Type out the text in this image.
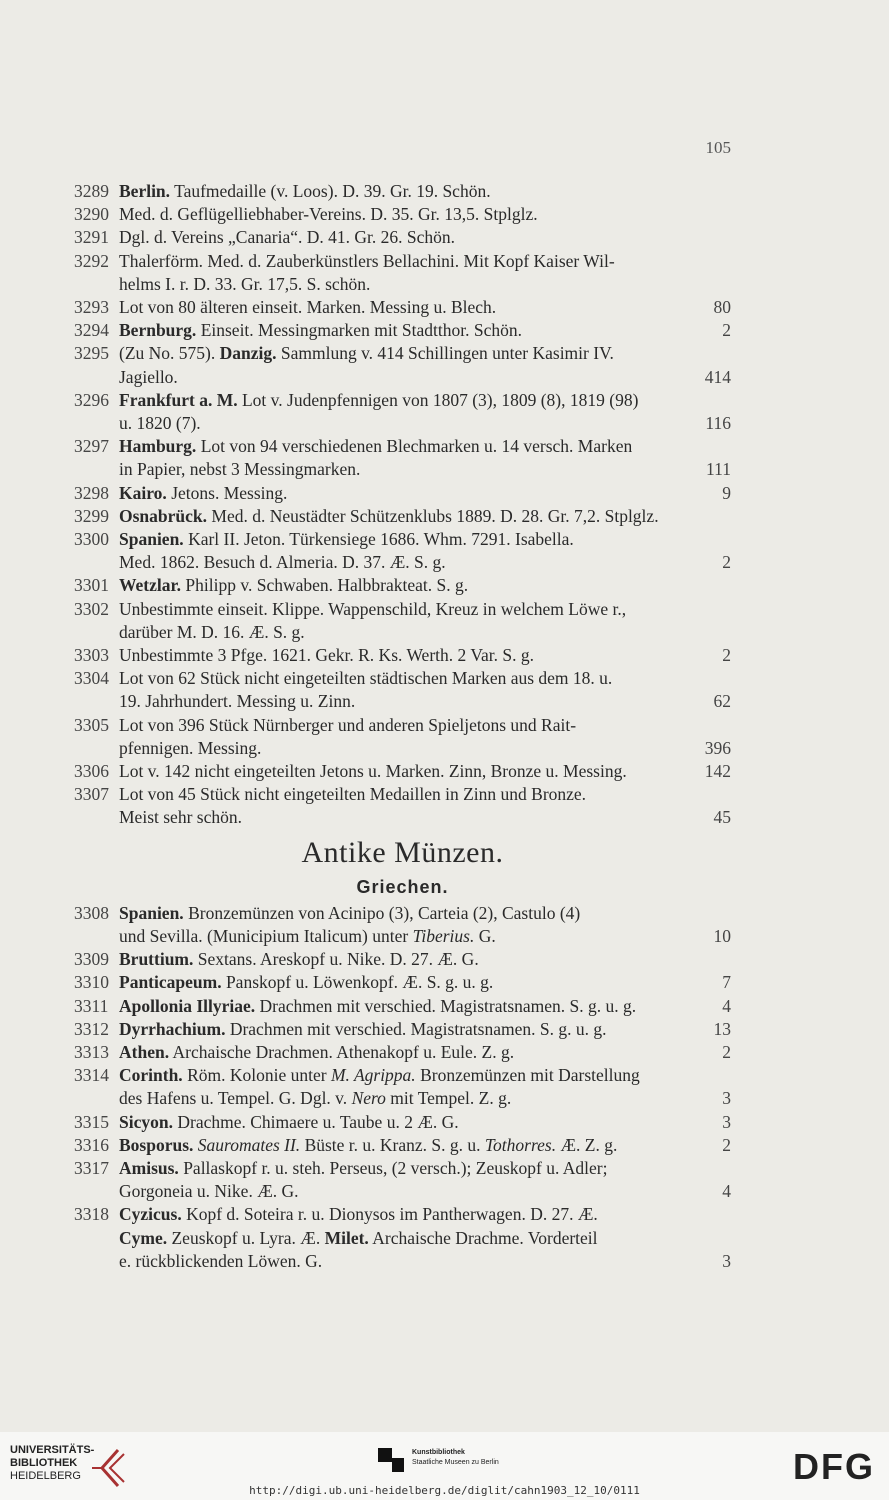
105
3289 Berlin. Taufmedaille (v. Loos). D. 39. Gr. 19. Schön.
3290 Med. d. Geflügelliebhaber-Vereins. D. 35. Gr. 13,5. Stplglz.
3291 Dgl. d. Vereins „Canaria“. D. 41. Gr. 26. Schön.
3292 Thalerförm. Med. d. Zauberkünstlers Bellachini. Mit Kopf Kaiser Wil-
helms I. r. D. 33. Gr. 17,5. S. schön.
3293 Lot von 80 älteren einseit. Marken. Messing u. Blech.	80
3294 Bernburg. Einseit. Messingmarken mit Stadtthor. Schön.	2
3295 (Zu No. 575). Danzig. Sammlung v. 414 Schillingen unter Kasimir IV.
Jagiello.	414
3296 Frankfurt a. M. Lot v. Judenpfennigen von 1807 (3), 1809 (8), 1819 (98)
u. 1820 (7).	116
3297 Hamburg. Lot von 94 verschiedenen Blechmarken u. 14 versch. Marken
in Papier, nebst 3 Messingmarken.	111
3298 Kairo. Jetons. Messing.	9
3299 Osnabrück. Med. d. Neustädter Schützenklubs 1889. D. 28. Gr. 7,2. Stplglz.
3300 Spanien. Karl II. Jeton. Türkensiege 1686. Whm. 7291. Isabella.
Med. 1862. Besuch d. Almeria. D. 37. Æ. S. g.	2
3301 Wetzlar. Philipp v. Schwaben. Halbbrakteat. S. g.
3302 Unbestimmte einseit. Klippe. Wappenschild, Kreuz in welchem Löwe r.,
darüber M. D. 16. Æ. S. g.
3303 Unbestimmte 3 Pfge. 1621. Gekr. R. Ks. Werth. 2 Var. S. g.	2
3304 Lot von 62 Stück nicht eingeteilten städtischen Marken aus dem 18. u.
19. Jahrhundert. Messing u. Zinn.	62
3305 Lot von 396 Stück Nürnberger und anderen Spieljetons und Rait-
pfennigen. Messing.	396
3306 Lot v. 142 nicht eingeteilten Jetons u. Marken. Zinn, Bronze u. Messing.	142
3307 Lot von 45 Stück nicht eingeteilten Medaillen in Zinn und Bronze.
Meist sehr schön.	45
Antike Münzen.
Griechen.
3308 Spanien. Bronzemünzen von Acinipo (3), Carteia (2), Castulo (4)
und Sevilla. (Municipium Italicum) unter Tiberius. G.	10
3309 Bruttium. Sextans. Areskopf u. Nike. D. 27. Æ. G.
3310 Panticapeum. Panskopf u. Löwenkopf. Æ. S. g. u. g.	7
3311 Apollonia Illyriae. Drachmen mit verschied. Magistratsnamen. S. g. u. g.	4
3312 Dyrrhachium. Drachmen mit verschied. Magistratsnamen. S. g. u. g.	13
3313 Athen. Archaische Drachmen. Athenakopf u. Eule. Z. g.	2
3314 Corinth. Röm. Kolonie unter M. Agrippa. Bronzemünzen mit Darstellung
des Hafens u. Tempel. G. Dgl. v. Nero mit Tempel. Z. g.	3
3315 Sicyon. Drachme. Chimaere u. Taube u. 2 Æ. G.	3
3316 Bosporus. Sauromates II. Büste r. u. Kranz. S. g. u. Tothorres. Æ. Z. g.	2
3317 Amisus. Pallaskopf r. u. steh. Perseus, (2 versch.); Zeuskopf u. Adler;
Gorgoneia u. Nike. Æ. G.	4
3318 Cyzicus. Kopf d. Soteira r. u. Dionysos im Pantherwagen. D. 27. Æ.
Cyme. Zeuskopf u. Lyra. Æ. Milet. Archaische Drachme. Vorderteil
e. rückblickenden Löwen. G.	3
UNIVERSITÄTS-
BIBLIOTHEK
HEIDELBERG
Kunstbibliothek
Staatliche Museen zu Berlin	DFG
http://digi.ub.uni-heidelberg.de/diglit/cahn1903_12_10/0111
